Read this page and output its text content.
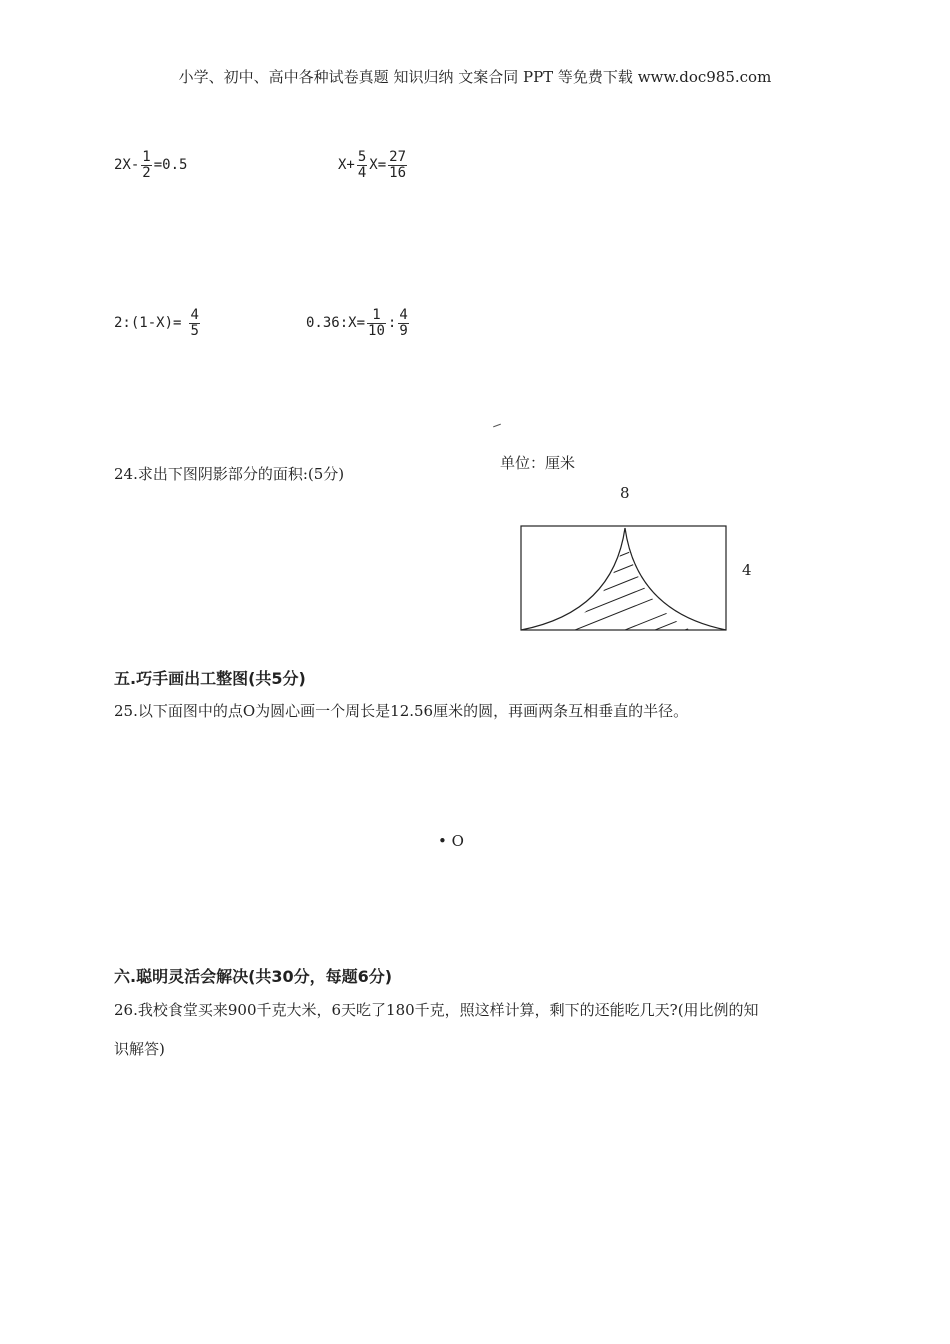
小学、初中、高中各种试卷真题 知识归纳 文案合同 PPT 等免费下载 www.doc985.com
$2X- \frac{1}{2} =0.5$	$X+ \frac{5}{4} X= \frac{27}{16}$
2:(1-X)= $\frac{4}{5}$	0.36:X= $\frac{1}{10}$ : $\frac{4}{9}$
24.求出下图阴影部分的面积:(5分)
单位：厘米
8
4
五.巧手画出工整图(共5分)
25.以下面图中的点O为圆心画一个周长是12.56厘米的圆，再画两条互相垂直的半径。
• O
六.聪明灵活会解决(共30分，每题6分)
26.我校食堂买来900千克大米，6天吃了180千克，照这样计算，剩下的还能吃几天?(用比例的知
识解答)
